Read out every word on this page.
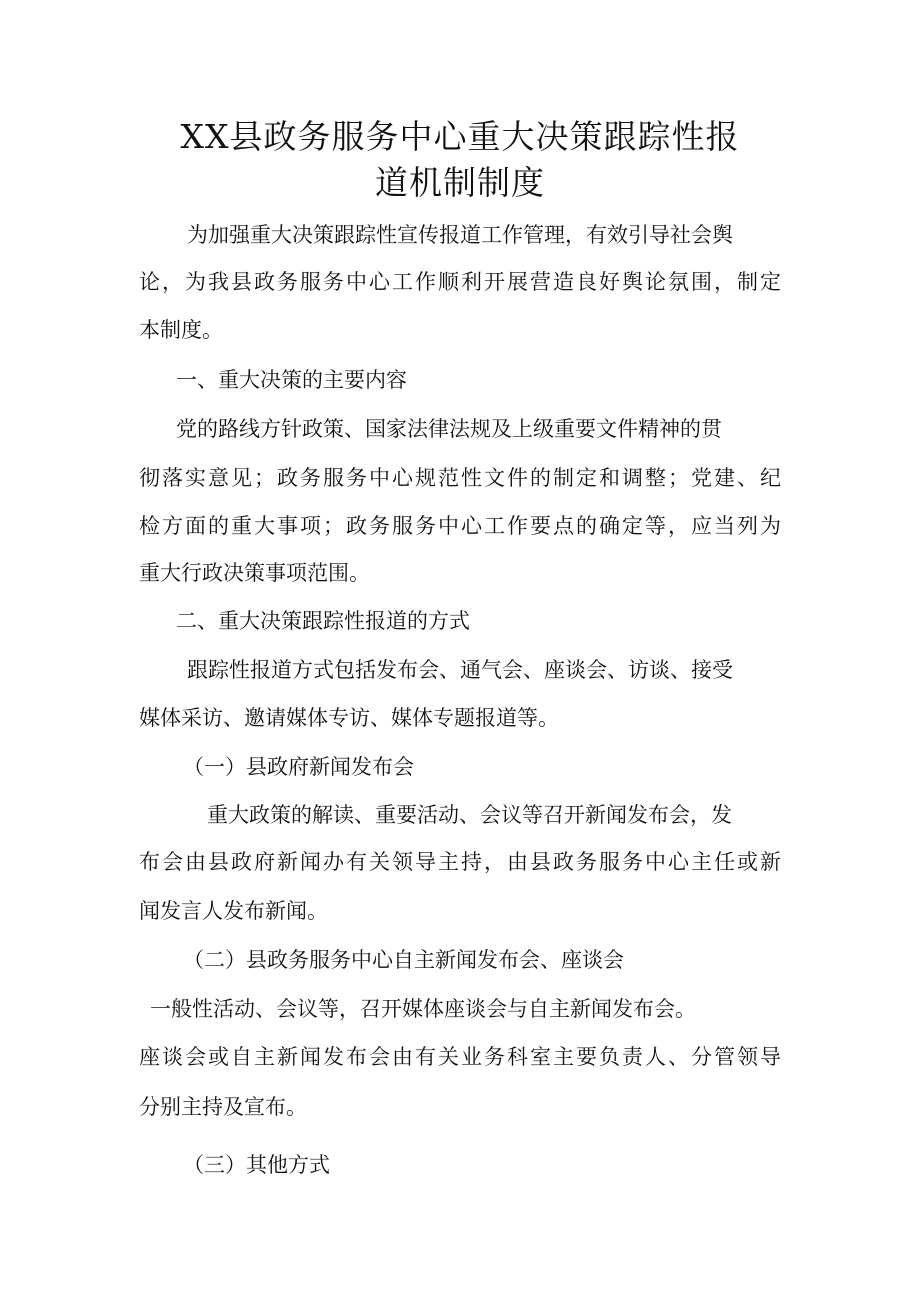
XX县政务服务中心重大决策跟踪性报
道机制制度

为加强重大决策跟踪性宣传报道工作管理，有效引导社会舆

论，为我县政务服务中心工作顺利开展营造良好舆论氛围，制定

本制度。

一、重大决策的主要内容

党的路线方针政策、国家法律法规及上级重要文件精神的贯

彻落实意见；政务服务中心规范性文件的制定和调整；党建、纪

检方面的重大事项；政务服务中心工作要点的确定等，应当列为

重大行政决策事项范围。

二、重大决策跟踪性报道的方式

跟踪性报道方式包括发布会、通气会、座谈会、访谈、接受

媒体采访、邀请媒体专访、媒体专题报道等。

（一）县政府新闻发布会

重大政策的解读、重要活动、会议等召开新闻发布会，发

布会由县政府新闻办有关领导主持，由县政务服务中心主任或新

闻发言人发布新闻。

（二）县政务服务中心自主新闻发布会、座谈会

一般性活动、会议等，召开媒体座谈会与自主新闻发布会。

座谈会或自主新闻发布会由有关业务科室主要负责人、分管领导

分别主持及宣布。

（三）其他方式
